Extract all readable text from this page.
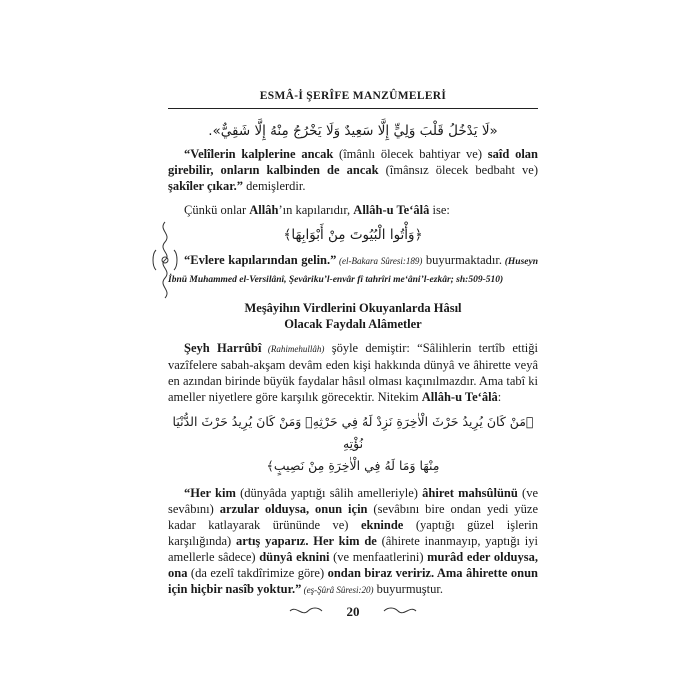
ESMÂ-İ ŞERÎFE MANZÛMELERİ
«لَا يَدْخُلُ قَلْبَ وَلِيٍّ إِلَّا سَعِيدٌ وَلَا يَخْرُجُ مِنْهُ إِلَّا شَقِيٌّ».

“Velîlerin kalplerine ancak (îmânlı ölecek bahtiyar ve) saîd olan girebilir, onların kalbinden de ancak (îmânsız ölecek bedbaht ve) şakîler çıkar.” demişlerdir.

Çünkü onlar Allâh’ın kapılarıdır, Allâh-u Te‘âlâ ise:

﴿وَأْتُوا الْبُيُوتَ مِنْ أَبْوَابِهَا﴾

“Evlere kapılarından gelin.” (el-Bakara Sûresi:189) buyurmaktadır. (Huseyn İbnü Muhammed el-Versilânî, Şevâriku’l-envâr fî tahrîri me‘âni’l-ezkâr; sh:509-510)

Meşâyihın Virdlerini Okuyanlarda Hâsıl
Olacak Faydalı Alâmetler

Şeyh Harrûbî (Rahimehullâh) şöyle demiştir: “Sâlihlerin tertîb ettiği vazîfelere sabah-akşam devâm eden kişi hakkında dünyâ ve âhirette veyâ en azından birinde büyük faydalar hâsıl olması kaçınılmazdır. Ama tabî ki ameller niyetlere göre karşılık görecektir. Nitekim Allâh-u Te‘âlâ:

﴿مَنْ كَانَ يُرِيدُ حَرْثَ الْاٰخِرَةِ نَزِدْ لَهُ فِي حَرْثِهِۚ وَمَنْ كَانَ يُرِيدُ حَرْثَ الدُّنْيَا نُؤْتِهِ
مِنْهَا وَمَا لَهُ فِي الْاٰخِرَةِ مِنْ نَصِيبٍ﴾

“Her kim (dünyâda yaptığı sâlih amelleriyle) âhiret mahsûlünü (ve sevâbını) arzular olduysa, onun için (sevâbını bire ondan yedi yüze kadar katlayarak ürününde ve) ekninde (yaptığı güzel işlerin karşılığında) artış yaparız. Her kim de (âhirete inanmayıp, yaptığı iyi amellerle sâdece) dünyâ eknini (ve menfaatlerini) murâd eder olduysa, ona (da ezelî takdîrimize göre) ondan biraz veririz. Ama âhirette onun için hiçbir nasîb yoktur.” (eş-Şûrâ Sûresi:20) buyurmuştur.

20
